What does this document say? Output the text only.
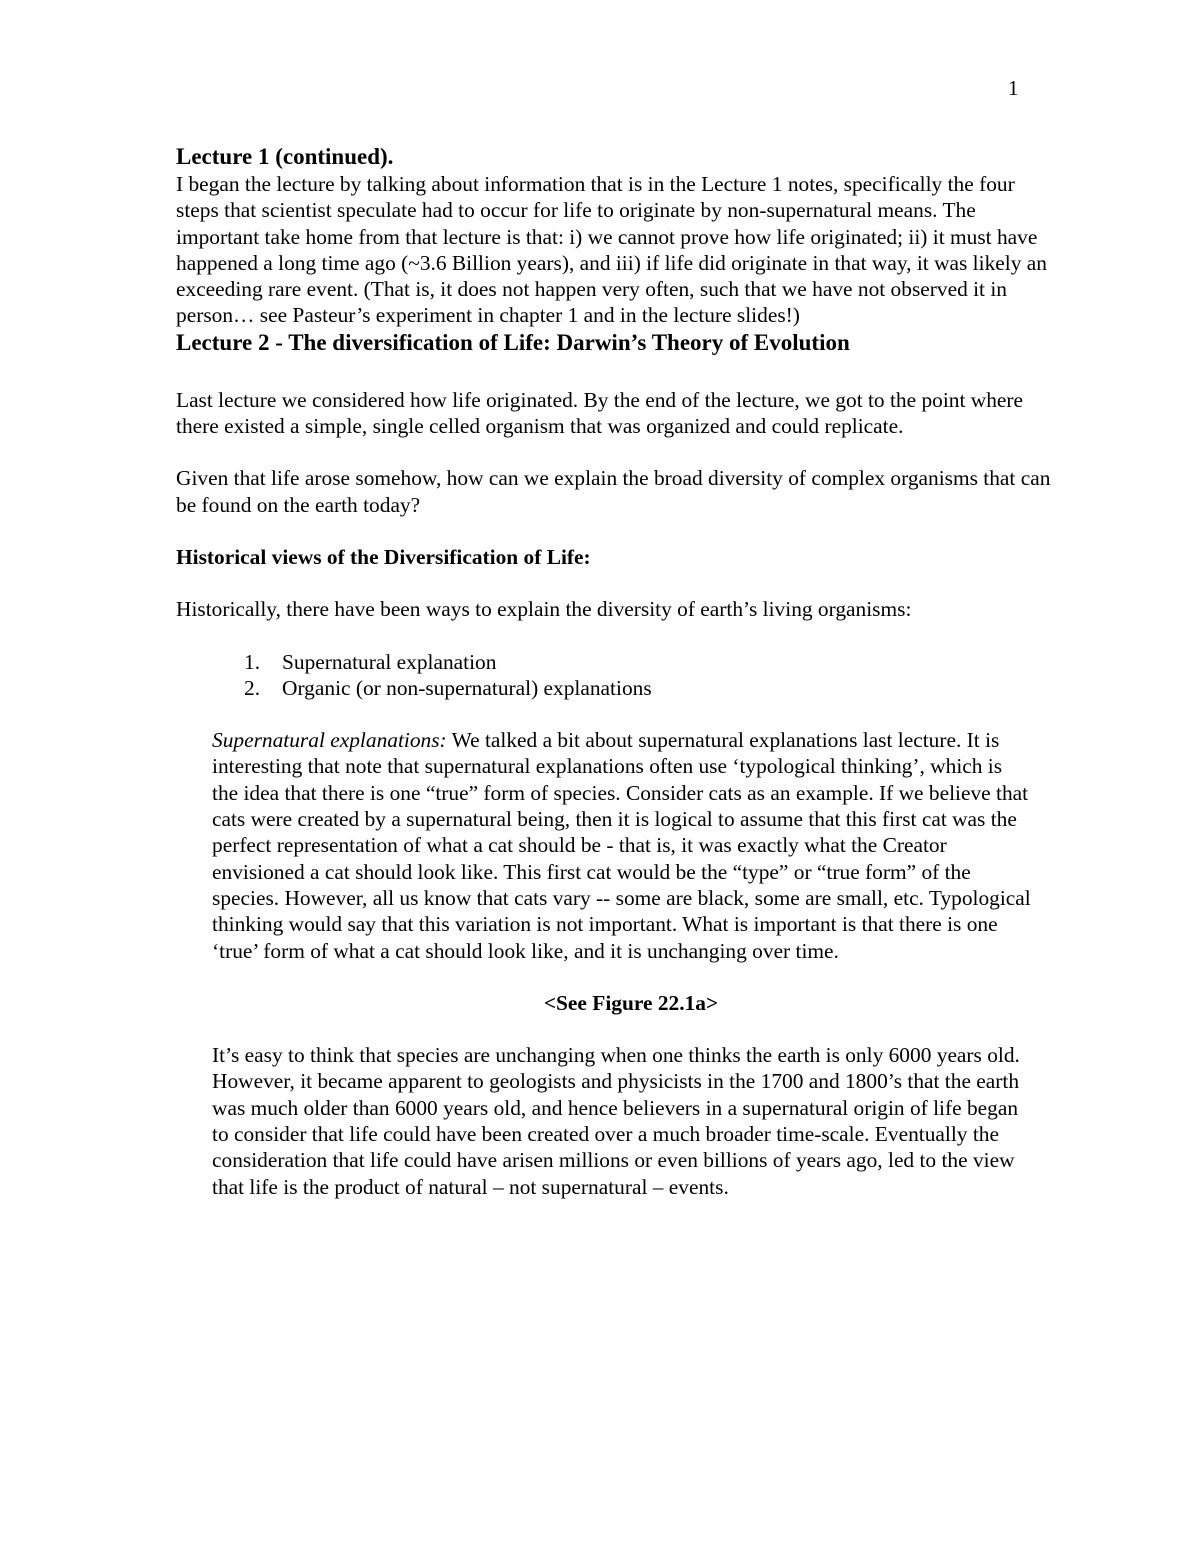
1

Lecture 1 (continued).

I began the lecture by talking about information that is in the Lecture 1 notes, specifically the four steps that scientist speculate had to occur for life to originate by non-supernatural means. The important take home from that lecture is that: i) we cannot prove how life originated; ii) it must have happened a long time ago (~3.6 Billion years), and iii) if life did originate in that way, it was likely an exceeding rare event. (That is, it does not happen very often, such that we have not observed it in person… see Pasteur’s experiment in chapter 1 and in the lecture slides!)

Lecture 2 - The diversification of Life: Darwin’s Theory of Evolution

Last lecture we considered how life originated. By the end of the lecture, we got to the point where there existed a simple, single celled organism that was organized and could replicate.

Given that life arose somehow, how can we explain the broad diversity of complex organisms that can be found on the earth today?

Historical views of the Diversification of Life:

Historically, there have been ways to explain the diversity of earth’s living organisms:

1. Supernatural explanation
2. Organic (or non-supernatural) explanations

Supernatural explanations: We talked a bit about supernatural explanations last lecture. It is interesting that note that supernatural explanations often use ‘typological thinking’, which is the idea that there is one “true” form of species. Consider cats as an example. If we believe that cats were created by a supernatural being, then it is logical to assume that this first cat was the perfect representation of what a cat should be - that is, it was exactly what the Creator envisioned a cat should look like. This first cat would be the “type” or “true form” of the species. However, all us know that cats vary -- some are black, some are small, etc. Typological thinking would say that this variation is not important. What is important is that there is one ‘true’ form of what a cat should look like, and it is unchanging over time.

<See Figure 22.1a>

It’s easy to think that species are unchanging when one thinks the earth is only 6000 years old. However, it became apparent to geologists and physicists in the 1700 and 1800’s that the earth was much older than 6000 years old, and hence believers in a supernatural origin of life began to consider that life could have been created over a much broader time-scale. Eventually the consideration that life could have arisen millions or even billions of years ago, led to the view that life is the product of natural – not supernatural – events.
